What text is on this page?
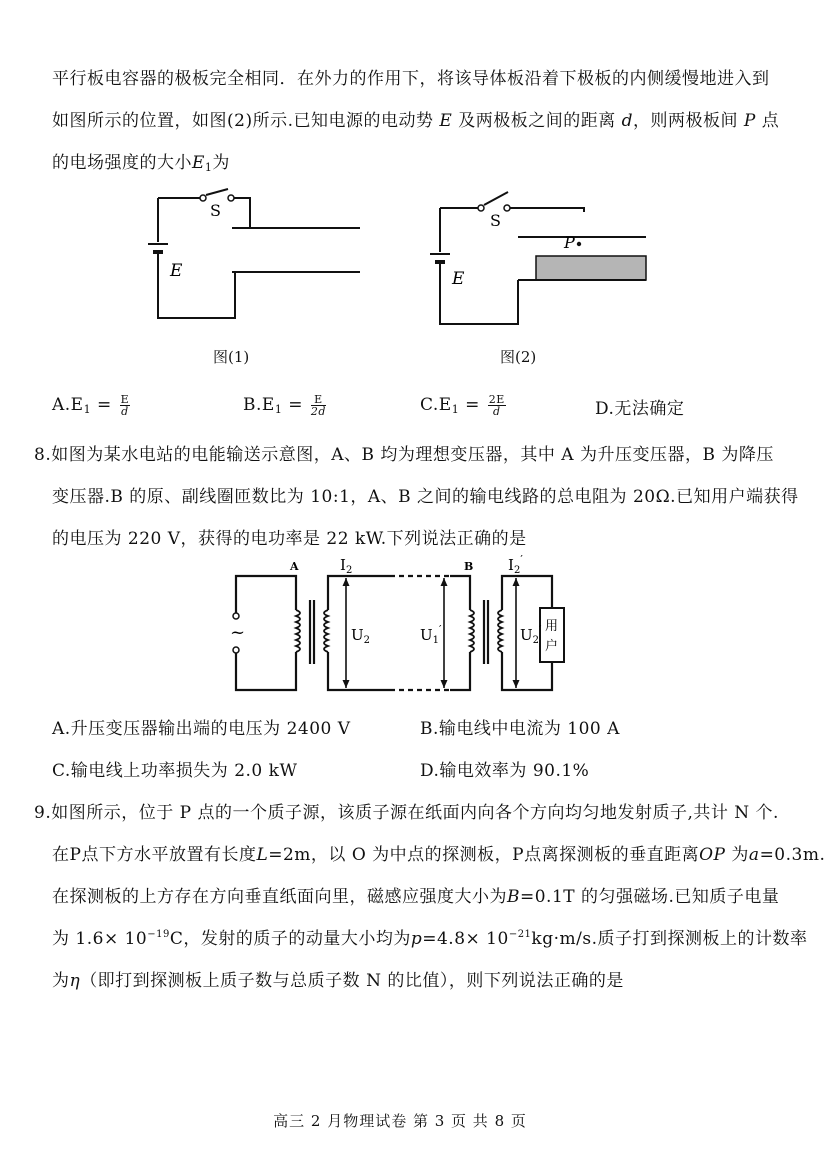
平行板电容器的极板完全相同．在外力的作用下，将该导体板沿着下极板的内侧缓慢地进入到
如图所示的位置，如图(2)所示.已知电源的电动势 E 及两极板之间的距离 d，则两极板间 P 点
的电场强度的大小$E_1$为
S
E
图(1)
P
S
E
图(2)
$A.E_1 = \frac{E}{d}$	$B.E_1 = \frac{E}{2d}$	$C.E_1 = \frac{2E}{d}$	D.无法确定
8.如图为某水电站的电能输送示意图，A、B 均为理想变压器，其中 A 为升压变压器，B 为降压
变压器.B 的原、副线圈匝数比为 10:1，A、B 之间的输电线路的总电阻为 20Ω.已知用户端获得
的电压为 220 V，获得的电功率是 22 kW.下列说法正确的是
~	用
户
A	B
$I_2$	$I_2'$
$U_2$	$U_1'$	$U_2'$
A.升压变压器输出端的电压为 2400 V	B.输电线中电流为 100 A
C.输电线上功率损失为 2.0 kW	D.输电效率为 90.1%
9.如图所示，位于 P 点的一个质子源，该质子源在纸面内向各个方向均匀地发射质子,共计 N 个.
在P点下方水平放置有长度L=2m，以 O 为中点的探测板，P点离探测板的垂直距离OP 为a=0.3m.
在探测板的上方存在方向垂直纸面向里，磁感应强度大小为B=0.1T 的匀强磁场.已知质子电量
为 $1.6\times 10^{-19}C$，发射的质子的动量大小均为$p=4.8\times 10^{-21}kg\cdot m/s$.质子打到探测板上的计数率
为η（即打到探测板上质子数与总质子数 N 的比值），则下列说法正确的是
高三 2 月物理试卷 第 3 页 共 8 页
